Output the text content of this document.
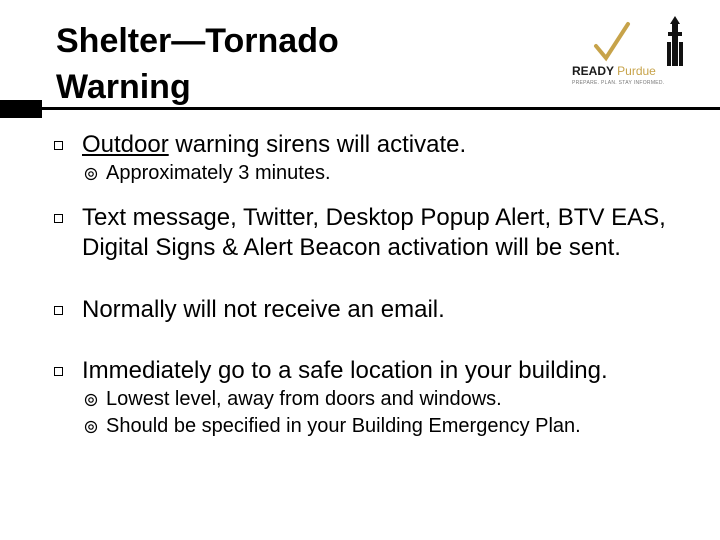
Shelter—Tornado
Warning	READY Purdue
PREPARE. PLAN. STAY INFORMED.
Outdoor warning sirens will activate.
Approximately 3 minutes.
Text message, Twitter, Desktop Popup Alert, BTV EAS, Digital Signs & Alert Beacon activation will be sent.
Normally will not receive an email.
Immediately go to a safe location in your building.
Lowest level, away from doors and windows.
Should be specified in your Building Emergency Plan.
